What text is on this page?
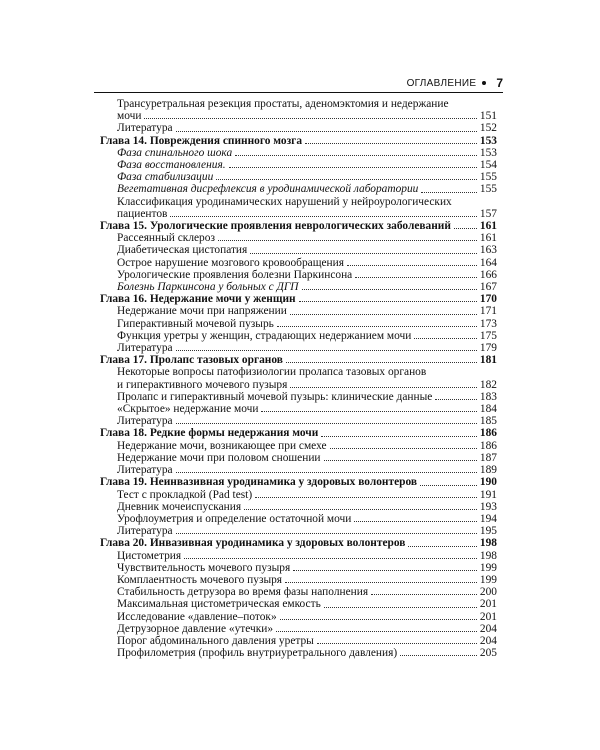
ОГЛАВЛЕНИЕ 7
Трансуретральная резекция простаты, аденомэктомия и недержание
мочи	151
Литература	152
Глава 14. Повреждения спинного мозга	153
Фаза спинального шока	153
Фаза восстановления.	154
Фаза стабилизации	155
Вегетативная дисрефлексия в уродинамической лаборатории	155
Классификация уродинамических нарушений у нейроурологических
пациентов	157
Глава 15. Урологические проявления неврологических заболеваний	161
Рассеянный склероз	161
Диабетическая цистопатия	163
Острое нарушение мозгового кровообращения	164
Урологические проявления болезни Паркинсона	166
Болезнь Паркинсона у больных с ДГП	167
Глава 16. Недержание мочи у женщин	170
Недержание мочи при напряжении	171
Гиперактивный мочевой пузырь	173
Функция уретры у женщин, страдающих недержанием мочи	175
Литература	179
Глава 17. Пролапс тазовых органов	181
Некоторые вопросы патофизиологии пролапса тазовых органов
и гиперактивного мочевого пузыря	182
Пролапс и гиперактивный мочевой пузырь: клинические данные	183
«Скрытое» недержание мочи	184
Литература	185
Глава 18. Редкие формы недержания мочи	186
Недержание мочи, возникающее при смехе	186
Недержание мочи при половом сношении	187
Литература	189
Глава 19. Неинвазивная уродинамика у здоровых волонтеров	190
Тест с прокладкой (Pad test)	191
Дневник мочеиспускания	193
Урофлоуметрия и определение остаточной мочи	194
Литература	195
Глава 20. Инвазивная уродинамика у здоровых волонтеров	198
Цистометрия	198
Чувствительность мочевого пузыря	199
Комплаентность мочевого пузыря	199
Стабильность детрузора во время фазы наполнения	200
Максимальная цистометрическая емкость	201
Исследование «давление–поток»	201
Детрузорное давление «утечки»	204
Порог абдоминального давления уретры	204
Профилометрия (профиль внутриуретрального давления)	205
